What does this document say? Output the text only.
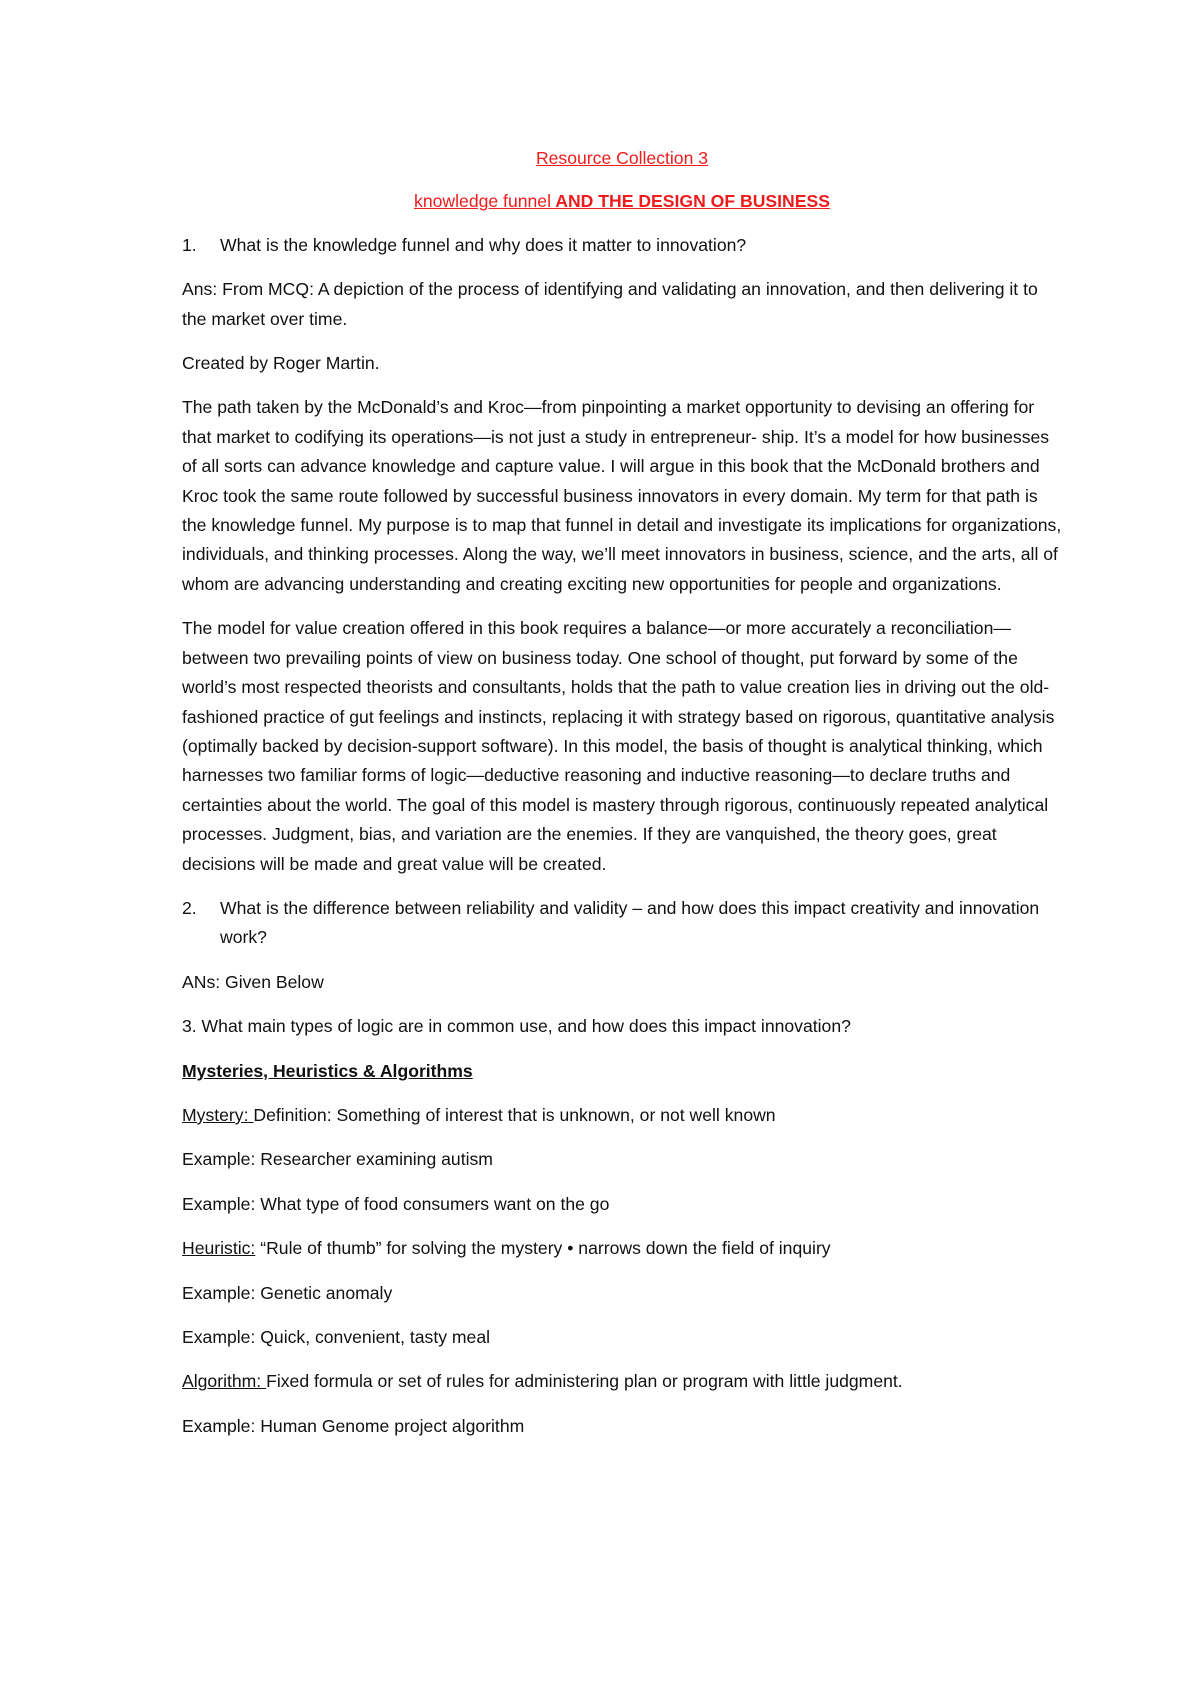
Resource Collection 3
knowledge funnel AND THE DESIGN OF BUSINESS
1.	What is the knowledge funnel and why does it matter to innovation?

Ans: From MCQ: A depiction of the process of identifying and validating an innovation, and then delivering it to the market over time.

Created by Roger Martin.

The path taken by the McDonald’s and Kroc—from pinpointing a market opportunity to devising an offering for that market to codifying its operations—is not just a study in entrepreneur- ship. It’s a model for how businesses of all sorts can advance knowledge and capture value. I will argue in this book that the McDonald brothers and Kroc took the same route followed by successful business innovators in every domain. My term for that path is the knowledge funnel. My purpose is to map that funnel in detail and investigate its implications for organizations, individuals, and thinking processes. Along the way, we’ll meet innovators in business, science, and the arts, all of whom are advancing understanding and creating exciting new opportunities for people and organizations.

The model for value creation offered in this book requires a balance—or more accurately a reconciliation—between two prevailing points of view on business today. One school of thought, put forward by some of the world’s most respected theorists and consultants, holds that the path to value creation lies in driving out the old-fashioned practice of gut feelings and instincts, replacing it with strategy based on rigorous, quantitative analysis (optimally backed by decision-support software). In this model, the basis of thought is analytical thinking, which harnesses two familiar forms of logic—deductive reasoning and inductive reasoning—to declare truths and certainties about the world. The goal of this model is mastery through rigorous, continuously repeated analytical processes. Judgment, bias, and variation are the enemies. If they are vanquished, the theory goes, great decisions will be made and great value will be created.

2.	What is the difference between reliability and validity – and how does this impact creativity and innovation work?

ANs: Given Below

3. What main types of logic are in common use, and how does this impact innovation?

Mysteries, Heuristics & Algorithms

Mystery: Definition: Something of interest that is unknown, or not well known

Example: Researcher examining autism

Example: What type of food consumers want on the go

Heuristic: “Rule of thumb” for solving the mystery • narrows down the field of inquiry

Example: Genetic anomaly

Example: Quick, convenient, tasty meal

Algorithm: Fixed formula or set of rules for administering plan or program with little judgment.

Example: Human Genome project algorithm
